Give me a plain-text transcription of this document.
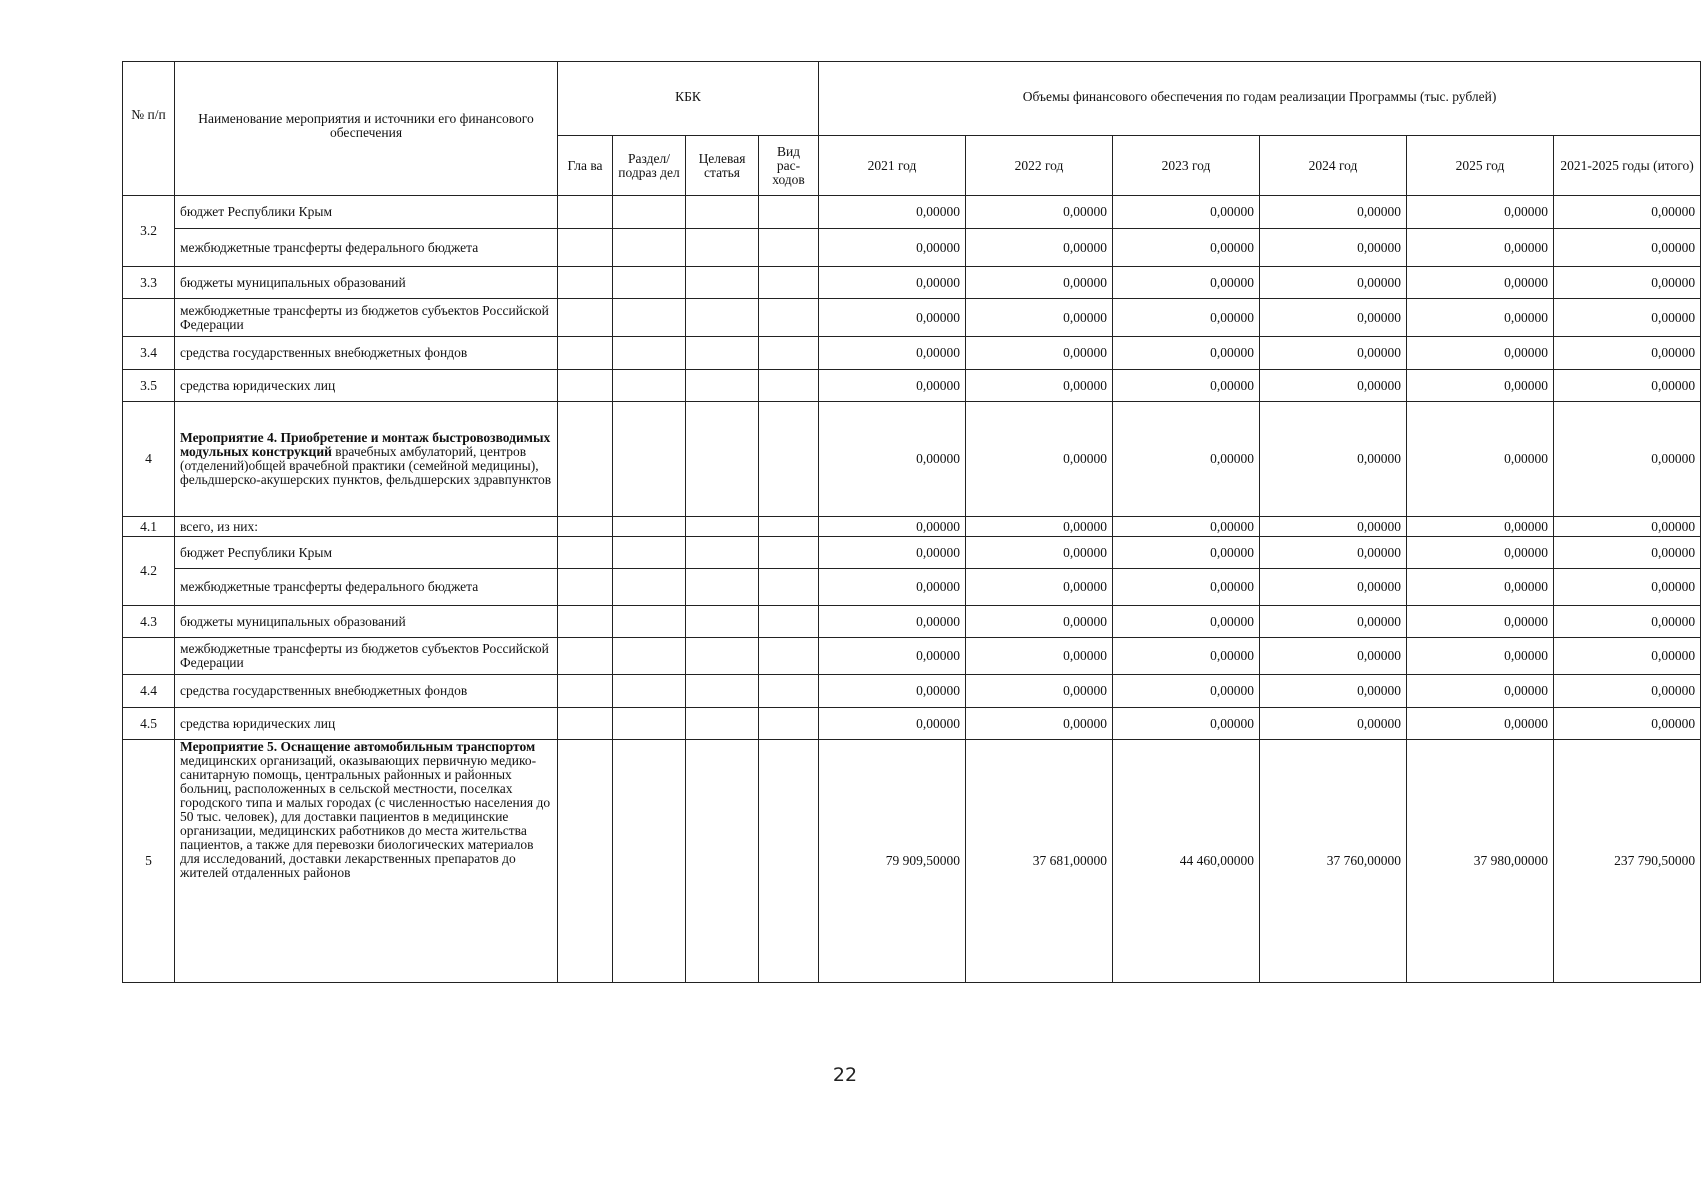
№ п/п	Наименование мероприятия и источники его финансового обеспечения	КБК				Объемы финансового обеспечения по годам реализации Программы (тыс. рублей)					
		Гла ва	Раздел/ подраз дел	Целевая статья	Вид рас- ходов	2021 год	2022 год	2023 год	2024 год	2025 год	2021-2025 годы (итого)
3.2	бюджет Республики Крым					0,00000	0,00000	0,00000	0,00000	0,00000	0,00000
	межбюджетные трансферты федерального бюджета					0,00000	0,00000	0,00000	0,00000	0,00000	0,00000
3.3	бюджеты муниципальных образований					0,00000	0,00000	0,00000	0,00000	0,00000	0,00000
	межбюджетные трансферты из бюджетов субъектов Российской Федерации					0,00000	0,00000	0,00000	0,00000	0,00000	0,00000
3.4	средства государственных внебюджетных фондов					0,00000	0,00000	0,00000	0,00000	0,00000	0,00000
3.5	средства юридических лиц					0,00000	0,00000	0,00000	0,00000	0,00000	0,00000
4	Мероприятие 4. Приобретение и монтаж быстровозводимых модульных конструкций врачебных амбулаторий, центров (отделений)общей врачебной практики (семейной медицины), фельдшерско-акушерских пунктов, фельдшерских здравпунктов					0,00000	0,00000	0,00000	0,00000	0,00000	0,00000
4.1	всего, из них:					0,00000	0,00000	0,00000	0,00000	0,00000	0,00000
4.2	бюджет Республики Крым					0,00000	0,00000	0,00000	0,00000	0,00000	0,00000
	межбюджетные трансферты федерального бюджета					0,00000	0,00000	0,00000	0,00000	0,00000	0,00000
4.3	бюджеты муниципальных образований					0,00000	0,00000	0,00000	0,00000	0,00000	0,00000
	межбюджетные трансферты из бюджетов субъектов Российской Федерации					0,00000	0,00000	0,00000	0,00000	0,00000	0,00000
4.4	средства государственных внебюджетных фондов					0,00000	0,00000	0,00000	0,00000	0,00000	0,00000
4.5	средства юридических лиц					0,00000	0,00000	0,00000	0,00000	0,00000	0,00000
5	Мероприятие 5. Оснащение автомобильным транспортом медицинских организаций, оказывающих первичную медико-санитарную помощь, центральных районных и районных больниц, расположенных в сельской местности, поселках городского типа и малых городах (с численностью населения до 50 тыс. человек), для доставки пациентов в медицинские организации, медицинских работников до места жительства пациентов, а также для перевозки биологических материалов для исследований, доставки лекарственных препаратов до жителей отдаленных районов					79 909,50000	37 681,00000	44 460,00000	37 760,00000	37 980,00000	237 790,50000
22
